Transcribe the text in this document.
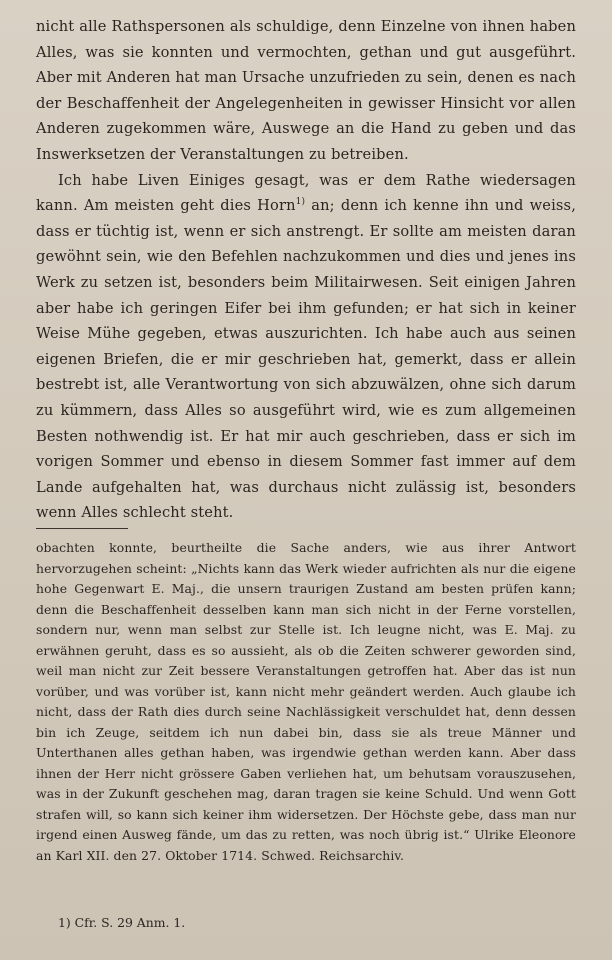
nicht alle Rathspersonen als schuldige, denn Einzelne von ihnen haben Alles, was sie konnten und vermochten, gethan und gut ausgeführt. Aber mit Anderen hat man Ursache unzufrieden zu sein, denen es nach der Beschaffenheit der Angelegenheiten in gewisser Hinsicht vor allen Anderen zugekommen wäre, Auswege an die Hand zu geben und das Inswerksetzen der Veranstaltungen zu betreiben.

Ich habe Liven Einiges gesagt, was er dem Rathe wiedersagen kann. Am meisten geht dies Horn$^{1)}$ an; denn ich kenne ihn und weiss, dass er tüchtig ist, wenn er sich anstrengt. Er sollte am meisten daran gewöhnt sein, wie den Befehlen nachzukommen und dies und jenes ins Werk zu setzen ist, besonders beim Militairwesen. Seit einigen Jahren aber habe ich geringen Eifer bei ihm gefunden; er hat sich in keiner Weise Mühe gegeben, etwas auszurichten. Ich habe auch aus seinen eigenen Briefen, die er mir geschrieben hat, gemerkt, dass er allein bestrebt ist, alle Verantwortung von sich abzuwälzen, ohne sich darum zu kümmern, dass Alles so ausgeführt wird, wie es zum allgemeinen Besten nothwendig ist. Er hat mir auch geschrieben, dass er sich im vorigen Sommer und ebenso in diesem Sommer fast immer auf dem Lande aufgehalten hat, was durchaus nicht zulässig ist, besonders wenn Alles schlecht steht.

obachten konnte, beurtheilte die Sache anders, wie aus ihrer Antwort hervorzugehen scheint: „Nichts kann das Werk wieder aufrichten als nur die eigene hohe Gegenwart E. Maj., die unsern traurigen Zustand am besten prüfen kann; denn die Beschaffenheit desselben kann man sich nicht in der Ferne vorstellen, sondern nur, wenn man selbst zur Stelle ist. Ich leugne nicht, was E. Maj. zu erwähnen geruht, dass es so aussieht, als ob die Zeiten schwerer geworden sind, weil man nicht zur Zeit bessere Veranstaltungen getroffen hat. Aber das ist nun vorüber, und was vorüber ist, kann nicht mehr geändert werden. Auch glaube ich nicht, dass der Rath dies durch seine Nachlässigkeit verschuldet hat, denn dessen bin ich Zeuge, seitdem ich nun dabei bin, dass sie als treue Männer und Unterthanen alles gethan haben, was irgendwie gethan werden kann. Aber dass ihnen der Herr nicht grössere Gaben verliehen hat, um behutsam vorauszusehen, was in der Zukunft geschehen mag, daran tragen sie keine Schuld. Und wenn Gott strafen will, so kann sich keiner ihm widersetzen. Der Höchste gebe, dass man nur irgend einen Ausweg fände, um das zu retten, was noch übrig ist.“ Ulrike Eleonore an Karl XII. den 27. Oktober 1714. Schwed. Reichsarchiv.

1) Cfr. S. 29 Anm. 1.
